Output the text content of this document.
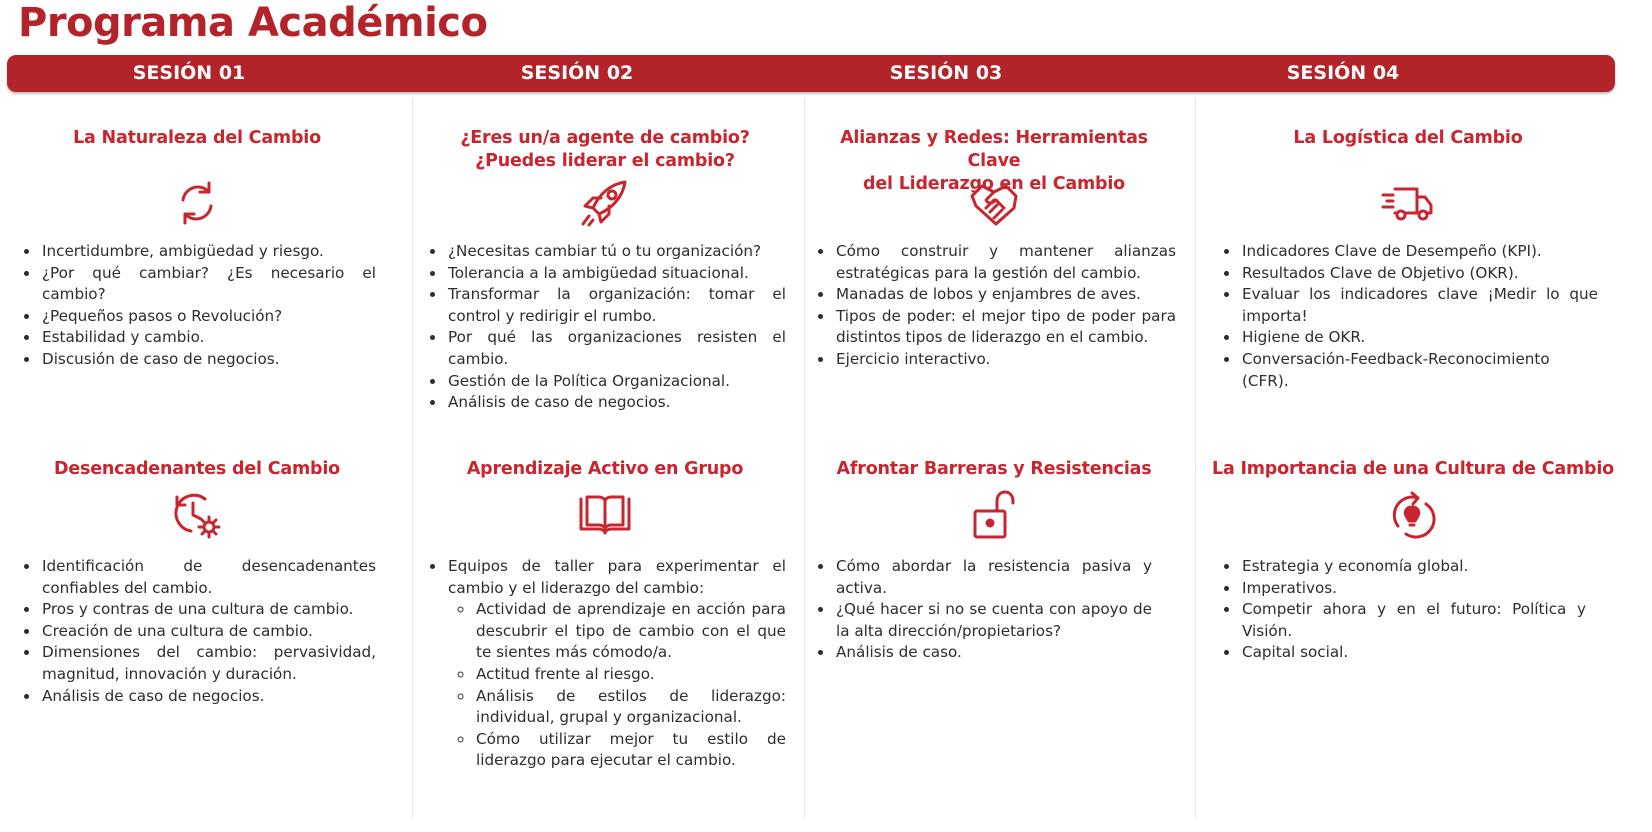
Programa Académico
SESIÓN 01	SESIÓN 02	SESIÓN 03	SESIÓN 04
La Naturaleza del Cambio
• Incertidumbre, ambigüedad y riesgo.
• ¿Por qué cambiar? ¿Es necesario el cambio?
• ¿Pequeños pasos o Revolución?
• Estabilidad y cambio.
• Discusión de caso de negocios.
¿Eres un/a agente de cambio?
¿Puedes liderar el cambio?
• ¿Necesitas cambiar tú o tu organización?
• Tolerancia a la ambigüedad situacional.
• Transformar la organización: tomar el control y redirigir el rumbo.
• Por qué las organizaciones resisten el cambio.
• Gestión de la Política Organizacional.
• Análisis de caso de negocios.
Alianzas y Redes: Herramientas Clave
del Liderazgo en el Cambio
• Cómo construir y mantener alianzas estratégicas para la gestión del cambio.
• Manadas de lobos y enjambres de aves.
• Tipos de poder: el mejor tipo de poder para distintos tipos de liderazgo en el cambio.
• Ejercicio interactivo.
La Logística del Cambio
• Indicadores Clave de Desempeño (KPI).
• Resultados Clave de Objetivo (OKR).
• Evaluar los indicadores clave ¡Medir lo que importa!
• Higiene de OKR.
• Conversación-Feedback-Reconocimiento (CFR).
Desencadenantes del Cambio
• Identificación de desencadenantes confiables del cambio.
• Pros y contras de una cultura de cambio.
• Creación de una cultura de cambio.
• Dimensiones del cambio: pervasividad, magnitud, innovación y duración.
• Análisis de caso de negocios.
Aprendizaje Activo en Grupo
• Equipos de taller para experimentar el cambio y el liderazgo del cambio:
◦ Actividad de aprendizaje en acción para descubrir el tipo de cambio con el que te sientes más cómodo/a.
◦ Actitud frente al riesgo.
◦ Análisis de estilos de liderazgo: individual, grupal y organizacional.
◦ Cómo utilizar mejor tu estilo de liderazgo para ejecutar el cambio.
Afrontar Barreras y Resistencias
• Cómo abordar la resistencia pasiva y activa.
• ¿Qué hacer si no se cuenta con apoyo de la alta dirección/propietarios?
• Análisis de caso.
La Importancia de una Cultura de Cambio
• Estrategia y economía global.
• Imperativos.
• Competir ahora y en el futuro: Política y Visión.
• Capital social.
